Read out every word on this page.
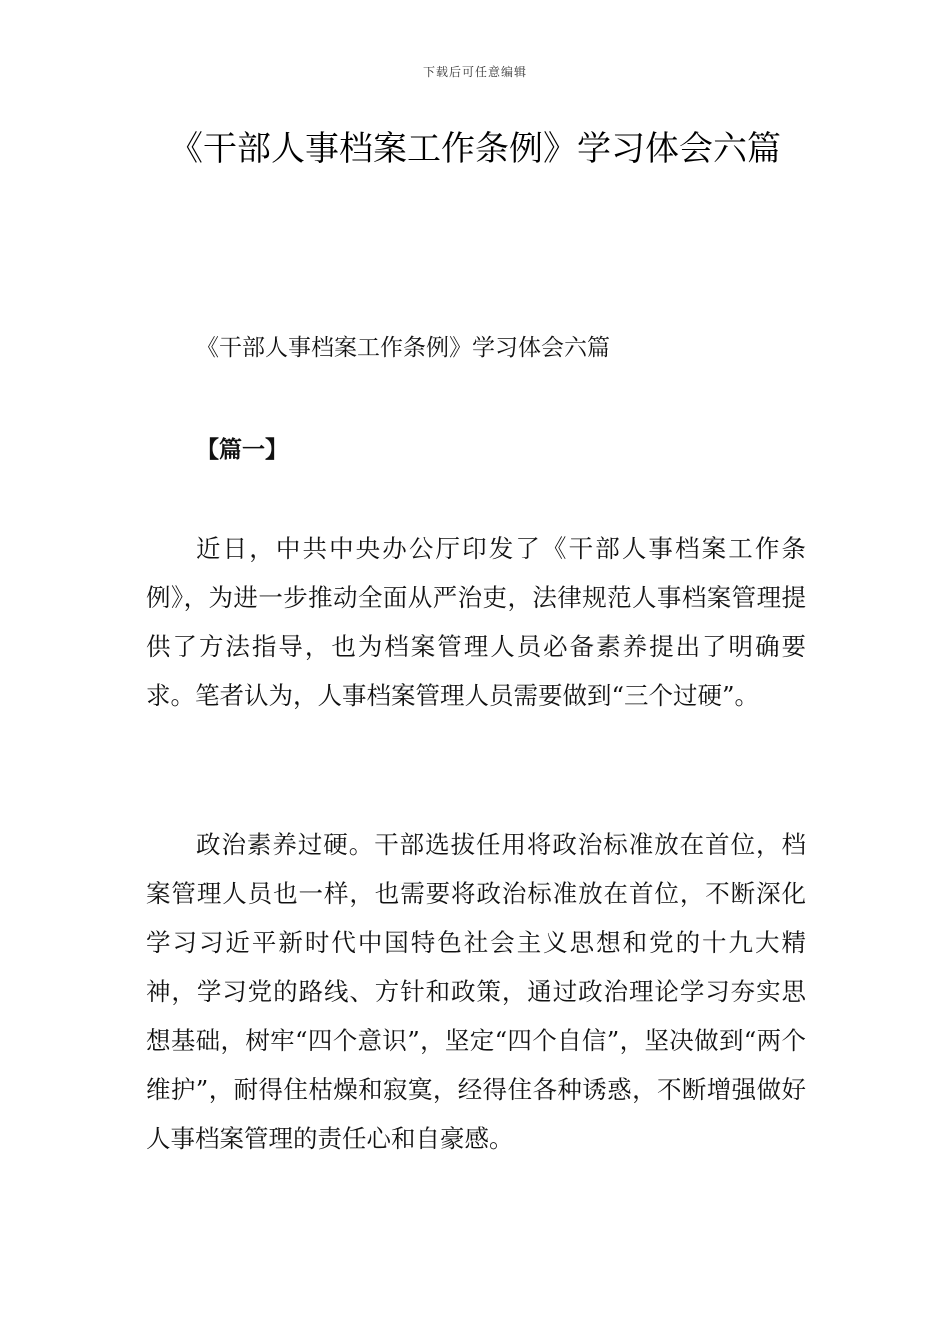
下载后可任意编辑
《干部人事档案工作条例》学习体会六篇
《干部人事档案工作条例》学习体会六篇
【篇一】

近日，中共中央办公厅印发了《干部人事档案工作条例》，为进一步推动全面从严治吏，法律规范人事档案管理提供了方法指导，也为档案管理人员必备素养提出了明确要求。笔者认为，人事档案管理人员需要做到“三个过硬”。

政治素养过硬。干部选拔任用将政治标准放在首位，档案管理人员也一样，也需要将政治标准放在首位，不断深化学习习近平新时代中国特色社会主义思想和党的十九大精神，学习党的路线、方针和政策，通过政治理论学习夯实思想基础，树牢“四个意识”，坚定“四个自信”，坚决做到“两个维护”，耐得住枯燥和寂寞，经得住各种诱惑，不断增强做好人事档案管理的责任心和自豪感。
